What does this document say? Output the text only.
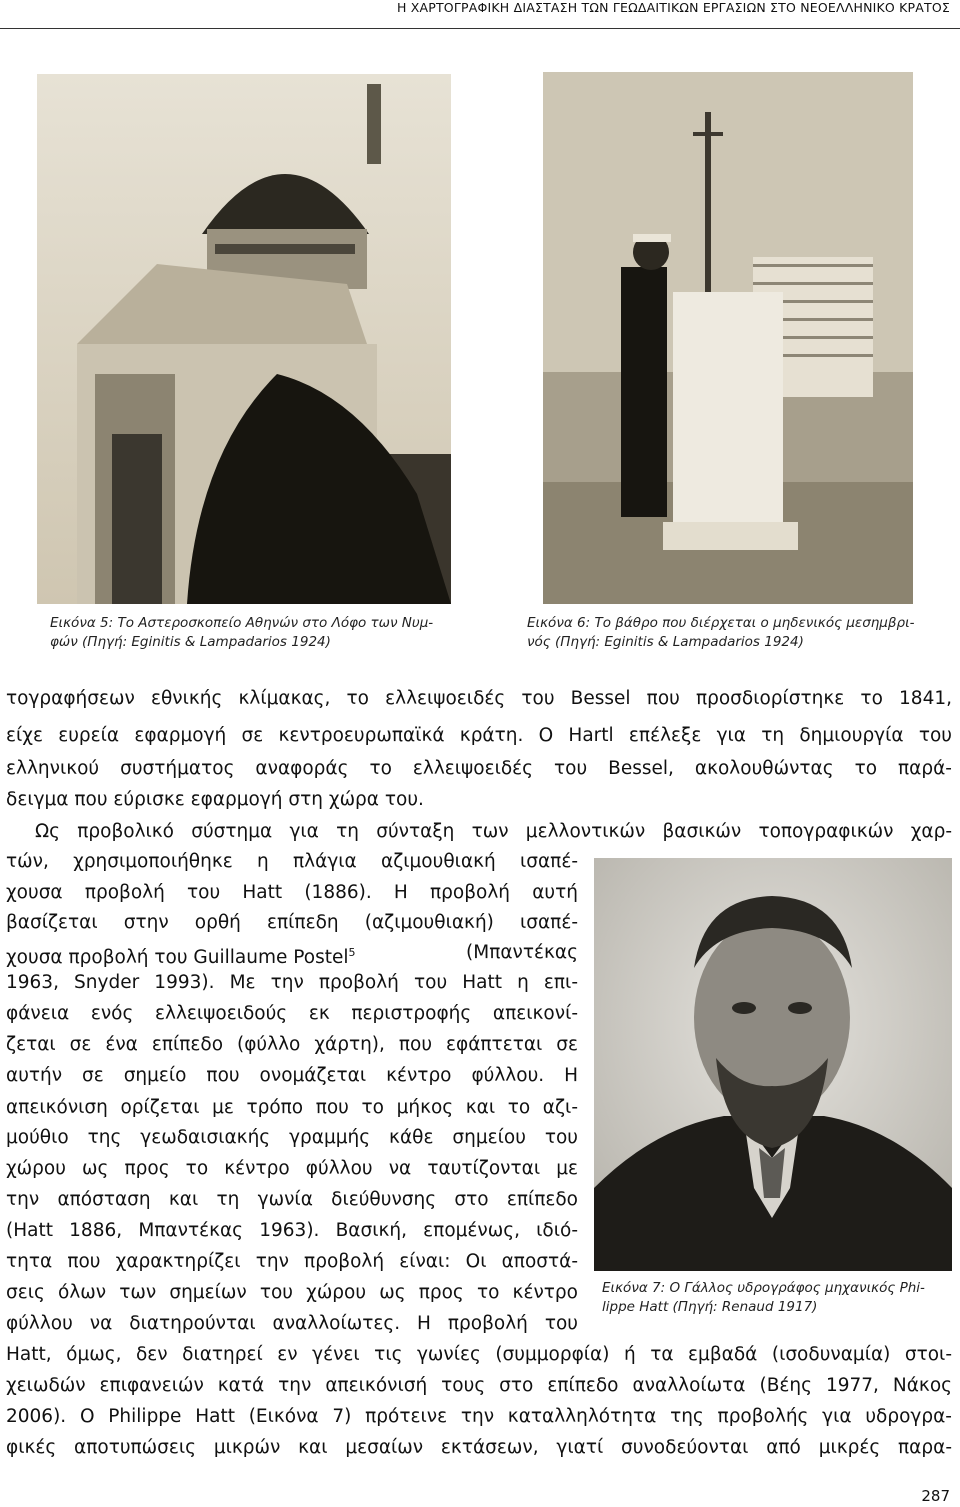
Η ΧΑΡΤΟΓΡΑΦΙΚΗ ΔΙΑΣΤΑΣΗ ΤΩΝ ΓΕΩΔΑΙΤΙΚΩΝ ΕΡΓΑΣΙΩΝ ΣΤΟ ΝΕΟΕΛΛΗΝΙΚΟ ΚΡΑΤΟΣ
Εικόνα 5: Το Αστεροσκοπείο Αθηνών στο Λόφο των Νυμ-
φών (Πηγή: Eginitis & Lampadarios 1924)
Εικόνα 6: Το βάθρο που διέρχεται ο μηδενικός μεσημβρι-
νός (Πηγή: Eginitis & Lampadarios 1924)
Εικόνα 7: Ο Γάλλος υδρογράφος μηχανικός Phi-
lippe Hatt (Πηγή: Renaud 1917)

τογραφήσεων εθνικής κλίμακας, το ελλειψοειδές του Bessel που προσδιορίστηκε το 1841,

είχε ευρεία εφαρμογή σε κεντροευρωπαϊκά κράτη. Ο Hartl επέλεξε για τη δημιουργία του

ελληνικού συστήματος αναφοράς το ελλειψοειδές του Bessel, ακολουθώντας το παρά-

δειγμα που εύρισκε εφαρμογή στη χώρα του.

Ως προβολικό σύστημα για τη σύνταξη των μελλοντικών βασικών τοπογραφικών χαρ-

τών, χρησιμοποιήθηκε η πλάγια αζιμουθιακή ισαπέ-

χουσα προβολή του Hatt (1886). Η προβολή αυτή

βασίζεται στην ορθή επίπεδη (αζιμουθιακή) ισαπέ-

χουσα προβολή του Guillaume Postel$^5$	(Μπαντέκας

1963, Snyder 1993). Με την προβολή του Hatt η επι-

φάνεια ενός ελλειψοειδούς εκ περιστροφής απεικονί-

ζεται σε ένα επίπεδο (φύλλο χάρτη), που εφάπτεται σε

αυτήν σε σημείο που ονομάζεται κέντρο φύλλου. Η

απεικόνιση ορίζεται με τρόπο που το μήκος και το αζι-

μούθιο της γεωδαισιακής γραμμής κάθε σημείου του

χώρου ως προς το κέντρο φύλλου να ταυτίζονται με

την απόσταση και τη γωνία διεύθυνσης στο επίπεδο

(Hatt 1886, Μπαντέκας 1963). Βασική, επομένως, ιδιό-

τητα που χαρακτηρίζει την προβολή είναι: Οι αποστά-

σεις όλων των σημείων του χώρου ως προς το κέντρο

φύλλου να διατηρούνται αναλλοίωτες. Η προβολή του

Hatt, όμως, δεν διατηρεί εν γένει τις γωνίες (συμμορφία) ή τα εμβαδά (ισοδυναμία) στοι-

χειωδών επιφανειών κατά την απεικόνισή τους στο επίπεδο αναλλοίωτα (Βέης 1977, Νάκος

2006). Ο Philippe Hatt (Εικόνα 7) πρότεινε την καταλληλότητα της προβολής για υδρογρα-

φικές αποτυπώσεις μικρών και μεσαίων εκτάσεων, γιατί συνοδεύονται από μικρές παρα-

287
